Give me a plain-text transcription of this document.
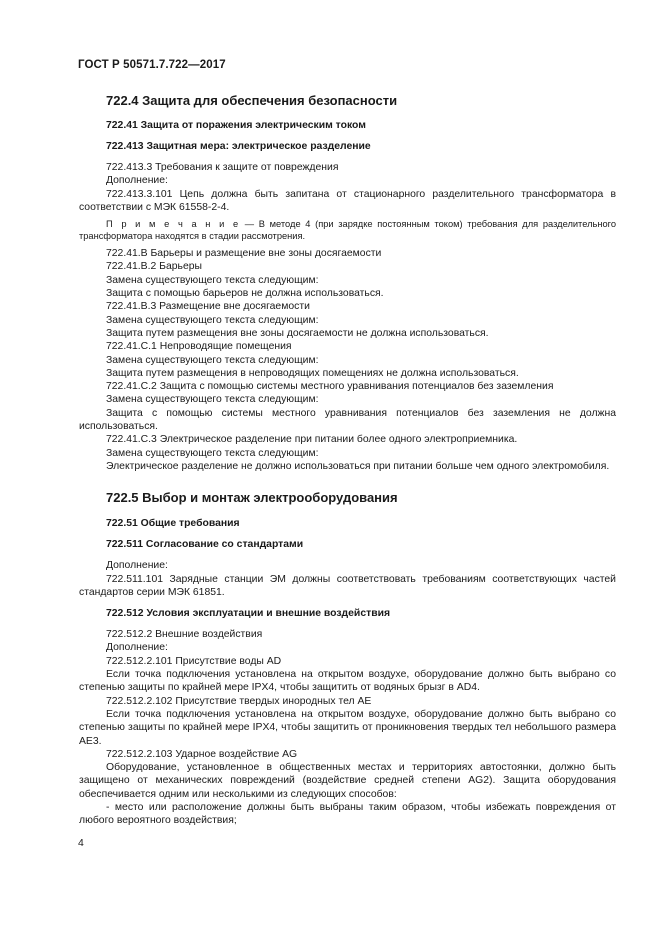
ГОСТ Р 50571.7.722—2017
722.4 Защита для обеспечения безопасности
722.41 Защита от поражения электрическим током
722.413 Защитная мера: электрическое разделение
722.413.3 Требования к защите от повреждения
Дополнение:
722.413.3.101 Цепь должна быть запитана от стационарного разделительного трансформатора в соответствии с МЭК 61558-2-4.
П р и м е ч а н и е — В методе 4 (при зарядке постоянным током) требования для разделительного трансформатора находятся в стадии рассмотрения.
722.41.В Барьеры и размещение вне зоны досягаемости
722.41.В.2 Барьеры
Замена существующего текста следующим:
Защита с помощью барьеров не должна использоваться.
722.41.В.3 Размещение вне досягаемости
Замена существующего текста следующим:
Защита путем размещения вне зоны досягаемости не должна использоваться.
722.41.С.1 Непроводящие помещения
Замена существующего текста следующим:
Защита путем размещения в непроводящих помещениях не должна использоваться.
722.41.С.2 Защита с помощью системы местного уравнивания потенциалов без заземления
Замена существующего текста следующим:
Защита с помощью системы местного уравнивания потенциалов без заземления не должна использоваться.
722.41.С.3 Электрическое разделение при питании более одного электроприемника.
Замена существующего текста следующим:
Электрическое разделение не должно использоваться при питании больше чем одного электромобиля.
722.5 Выбор и монтаж электрооборудования
722.51 Общие требования
722.511 Согласование со стандартами
Дополнение:
722.511.101 Зарядные станции ЭМ должны соответствовать требованиям соответствующих частей стандартов серии МЭК 61851.
722.512 Условия эксплуатации и внешние воздействия
722.512.2 Внешние воздействия
Дополнение:
722.512.2.101 Присутствие воды AD
Если точка подключения установлена на открытом воздухе, оборудование должно быть выбрано со степенью защиты по крайней мере IPX4, чтобы защитить от водяных брызг в AD4.
722.512.2.102 Присутствие твердых инородных тел АЕ
Если точка подключения установлена на открытом воздухе, оборудование должно быть выбрано со степенью защиты по крайней мере IPX4, чтобы защитить от проникновения твердых тел небольшого размера АЕ3.
722.512.2.103 Ударное воздействие AG
Оборудование, установленное в общественных местах и территориях автостоянки, должно быть защищено от механических повреждений (воздействие средней степени AG2). Защита оборудования обеспечивается одним или несколькими из следующих способов:
- место или расположение должны быть выбраны таким образом, чтобы избежать повреждения от любого вероятного воздействия;
4
